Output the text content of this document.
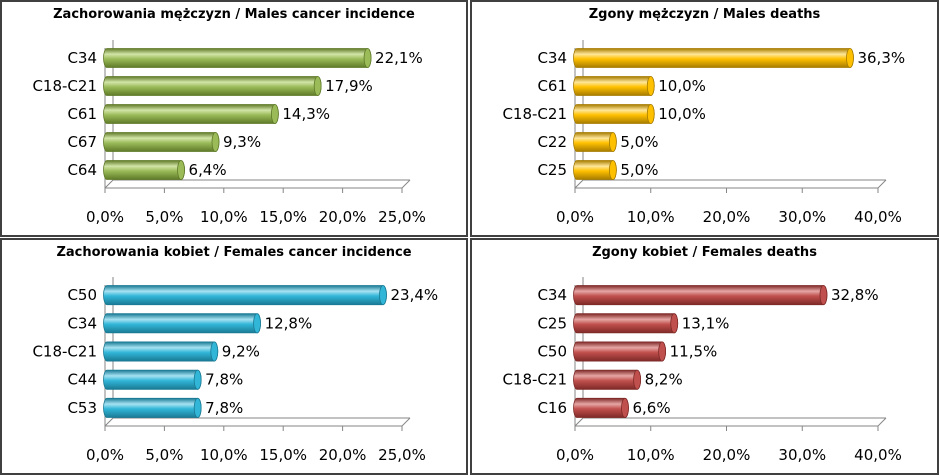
Zachorowania mężczyzn / Males cancer incidence
0,0% 5,0% 10,0% 15,0% 20,0% 25,0%
C34	22,1%
C18-C21	17,9%
C61	14,3%
C67	9,3%
C64	6,4%
Zgony mężczyzn / Males deaths
0,0% 10,0% 20,0% 30,0% 40,0%
C34	36,3%
C61	10,0%
C18-C21	10,0%
C22	5,0%
C25	5,0%
Zachorowania kobiet / Females cancer incidence
0,0% 5,0% 10,0% 15,0% 20,0% 25,0%
C50	23,4%
C34	12,8%
C18-C21	9,2%
C44	7,8%
C53	7,8%
Zgony kobiet / Females deaths
0,0% 10,0% 20,0% 30,0% 40,0%
C34	32,8%
C25	13,1%
C50	11,5%
C18-C21	8,2%
C16	6,6%
